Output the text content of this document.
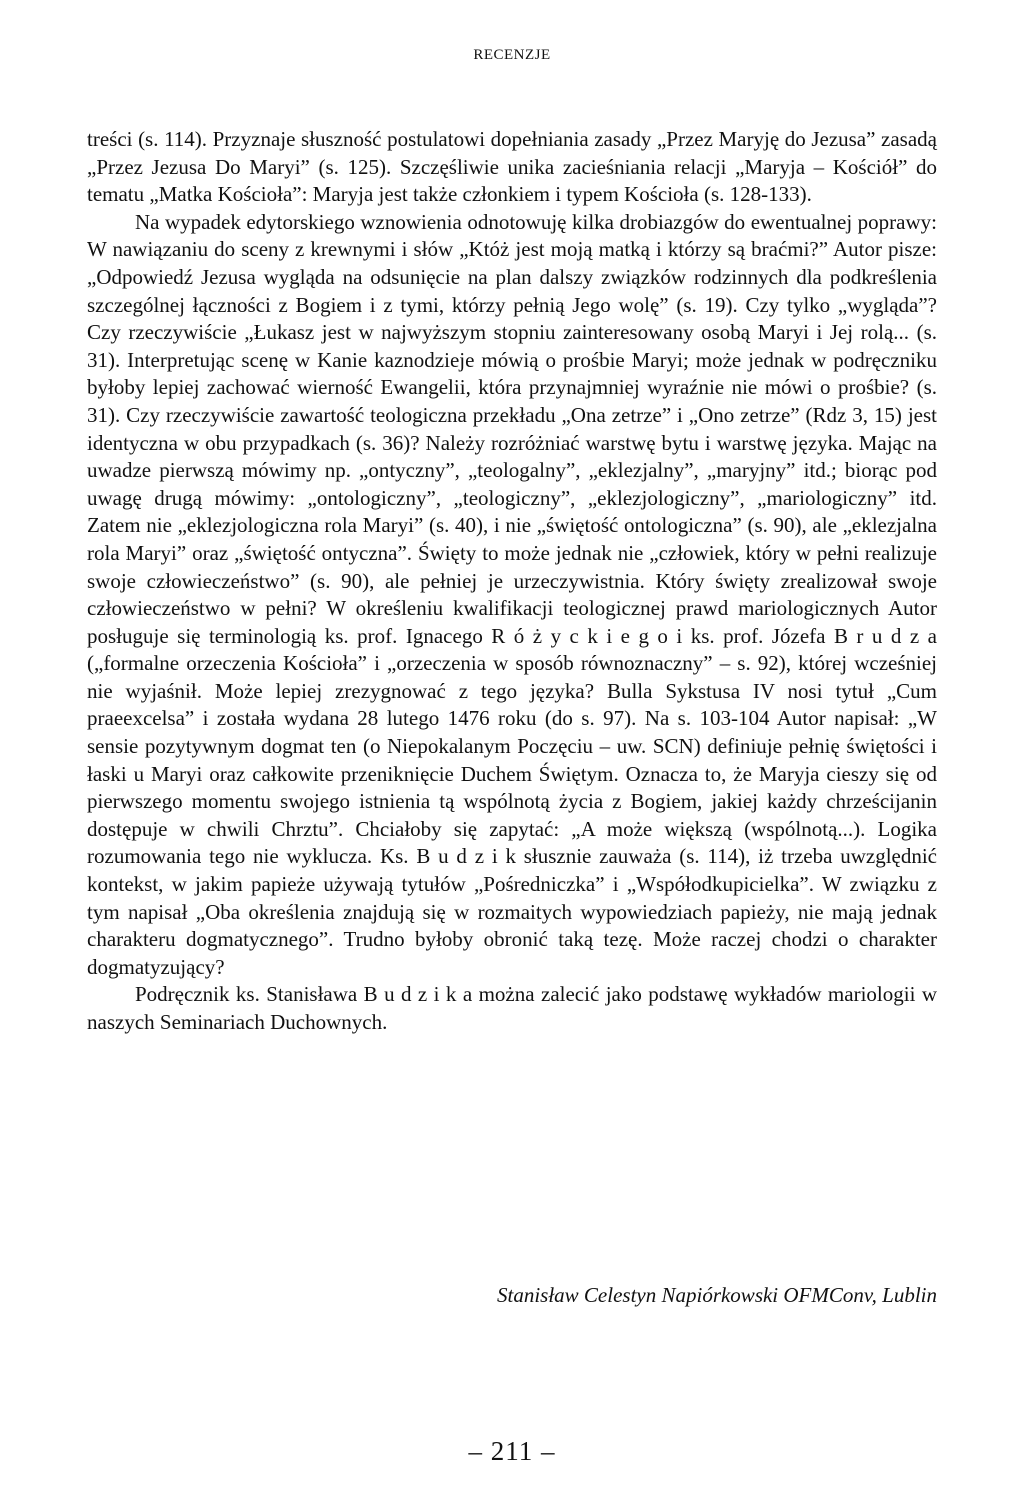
RECENZJE

treści (s. 114). Przyznaje słuszność postulatowi dopełniania zasady „Przez Maryję do Jezusa” zasadą „Przez Jezusa Do Maryi” (s. 125). Szczęśliwie unika zacieśniania relacji „Maryja – Kościół” do tematu „Matka Kościoła”: Maryja jest także członkiem i typem Kościoła (s. 128-133).

Na wypadek edytorskiego wznowienia odnotowuję kilka drobiazgów do ewentualnej poprawy: W nawiązaniu do sceny z krewnymi i słów „Któż jest moją matką i którzy są braćmi?” Autor pisze: „Odpowiedź Jezusa wygląda na odsunięcie na plan dalszy związków rodzinnych dla podkreślenia szczególnej łączności z Bogiem i z tymi, którzy pełnią Jego wolę” (s. 19). Czy tylko „wygląda”? Czy rzeczywiście „Łukasz jest w najwyższym stopniu zainteresowany osobą Maryi i Jej rolą... (s. 31). Interpretując scenę w Kanie kaznodzieje mówią o prośbie Maryi; może jednak w podręczniku byłoby lepiej zachować wierność Ewangelii, która przynajmniej wyraźnie nie mówi o prośbie? (s. 31). Czy rzeczywiście zawartość teologiczna przekładu „Ona zetrze” i „Ono zetrze” (Rdz 3, 15) jest identyczna w obu przypadkach (s. 36)? Należy rozróżniać warstwę bytu i warstwę języka. Mając na uwadze pierwszą mówimy np. „ontyczny”, „teologalny”, „eklezjalny”, „maryjny” itd.; biorąc pod uwagę drugą mówimy: „ontologiczny”, „teologiczny”, „eklezjologiczny”, „mariologiczny” itd. Zatem nie „eklezjologiczna rola Maryi” (s. 40), i nie „świętość ontologiczna” (s. 90), ale „eklezjalna rola Maryi” oraz „świętość ontyczna”. Święty to może jednak nie „człowiek, który w pełni realizuje swoje człowieczeństwo” (s. 90), ale pełniej je urzeczywistnia. Który święty zrealizował swoje człowieczeństwo w pełni? W określeniu kwalifikacji teologicznej prawd mariologicznych Autor posługuje się terminologią ks. prof. Ignacego R ó ż y c k i e g o i ks. prof. Józefa B r u d z a („formalne orzeczenia Kościoła” i „orzeczenia w sposób równoznaczny” – s. 92), której wcześniej nie wyjaśnił. Może lepiej zrezygnować z tego języka? Bulla Sykstusa IV nosi tytuł „Cum praeexcelsa” i została wydana 28 lutego 1476 roku (do s. 97). Na s. 103-104 Autor napisał: „W sensie pozytywnym dogmat ten (o Niepokalanym Poczęciu – uw. SCN) definiuje pełnię świętości i łaski u Maryi oraz całkowite przeniknięcie Duchem Świętym. Oznacza to, że Maryja cieszy się od pierwszego momentu swojego istnienia tą wspólnotą życia z Bogiem, jakiej każdy chrześcijanin dostępuje w chwili Chrztu”. Chciałoby się zapytać: „A może większą (wspólnotą...). Logika rozumowania tego nie wyklucza. Ks. B u d z i k słusznie zauważa (s. 114), iż trzeba uwzględnić kontekst, w jakim papieże używają tytułów „Pośredniczka” i „Współodkupicielka”. W związku z tym napisał „Oba określenia znajdują się w rozmaitych wypowiedziach papieży, nie mają jednak charakteru dogmatycznego”. Trudno byłoby obronić taką tezę. Może raczej chodzi o charakter dogmatyzujący?

Podręcznik ks. Stanisława B u d z i k a można zalecić jako podstawę wykładów mariologii w naszych Seminariach Duchownych.

Stanisław Celestyn Napiórkowski OFMConv, Lublin
– 211 –
